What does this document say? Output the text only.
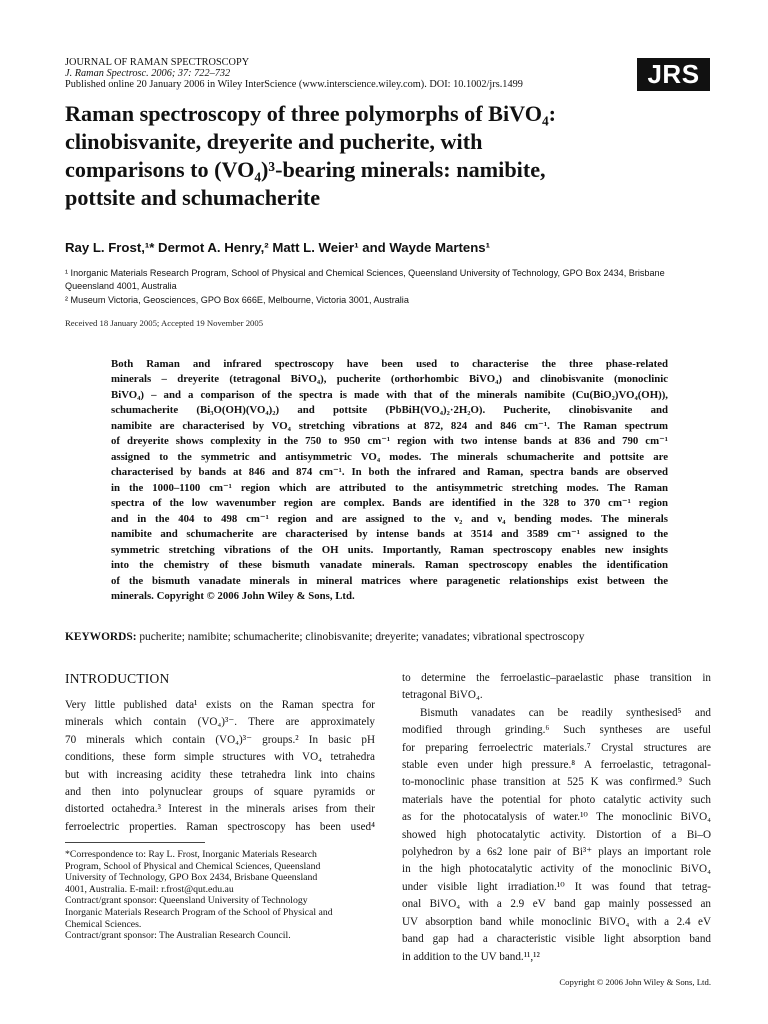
JOURNAL OF RAMAN SPECTROSCOPY
J. Raman Spectrosc. 2006; 37: 722–732
Published online 20 January 2006 in Wiley InterScience (www.interscience.wiley.com). DOI: 10.1002/jrs.1499	JRS
Raman spectroscopy of three polymorphs of BiVO₄:
clinobisvanite, dreyerite and pucherite, with
comparisons to (VO₄)³-bearing minerals: namibite,
pottsite and schumacherite
Ray L. Frost,¹* Dermot A. Henry,² Matt L. Weier¹ and Wayde Martens¹

¹ Inorganic Materials Research Program, School of Physical and Chemical Sciences, Queensland University of Technology, GPO Box 2434, Brisbane Queensland 4001, Australia

² Museum Victoria, Geosciences, GPO Box 666E, Melbourne, Victoria 3001, Australia

Received 18 January 2005; Accepted 19 November 2005
Both Raman and infrared spectroscopy have been used to characterise the three phase-related
minerals – dreyerite (tetragonal BiVO₄), pucherite (orthorhombic BiVO₄) and clinobisvanite (monoclinic
BiVO₄) – and a comparison of the spectra is made with that of the minerals namibite (Cu(BiO₂)VO₄(OH)),
schumacherite (Bi₃O(OH)(VO₄)₂) and pottsite (PbBiH(VO₄)₂·2H₂O). Pucherite, clinobisvanite and
namibite are characterised by VO₄ stretching vibrations at 872, 824 and 846 cm⁻¹. The Raman spectrum
of dreyerite shows complexity in the 750 to 950 cm⁻¹ region with two intense bands at 836 and 790 cm⁻¹
assigned to the symmetric and antisymmetric VO₄ modes. The minerals schumacherite and pottsite are
characterised by bands at 846 and 874 cm⁻¹. In both the infrared and Raman, spectra bands are observed
in the 1000–1100 cm⁻¹ region which are attributed to the antisymmetric stretching modes. The Raman
spectra of the low wavenumber region are complex. Bands are identified in the 328 to 370 cm⁻¹ region
and in the 404 to 498 cm⁻¹ region and are assigned to the ν₂ and ν₄ bending modes. The minerals
namibite and schumacherite are characterised by intense bands at 3514 and 3589 cm⁻¹ assigned to the
symmetric stretching vibrations of the OH units. Importantly, Raman spectroscopy enables new insights
into the chemistry of these bismuth vanadate minerals. Raman spectroscopy enables the identification
of the bismuth vanadate minerals in mineral matrices where paragenetic relationships exist between the
minerals. Copyright © 2006 John Wiley & Sons, Ltd.
KEYWORDS: pucherite; namibite; schumacherite; clinobisvanite; dreyerite; vanadates; vibrational spectroscopy
INTRODUCTION
Very little published data¹ exists on the Raman spectra for
minerals which contain (VO₄)³⁻. There are approximately
70 minerals which contain (VO₄)³⁻ groups.² In basic pH
conditions, these form simple structures with VO₄ tetrahedra
but with increasing acidity these tetrahedra link into chains
and then into polynuclear groups of square pyramids or
distorted octahedra.³ Interest in the minerals arises from their
ferroelectric properties. Raman spectroscopy has been used⁴
to determine the ferroelastic–paraelastic phase transition in
tetragonal BiVO₄.
Bismuth vanadates can be readily synthesised⁵ and
modified through grinding.⁶ Such syntheses are useful
for preparing ferroelectric materials.⁷ Crystal structures are
stable even under high pressure.⁸ A ferroelastic, tetragonal-
to-monoclinic phase transition at 525 K was confirmed.⁹ Such
materials have the potential for photo catalytic activity such
as for the photocatalysis of water.¹⁰ The monoclinic BiVO₄
showed high photocatalytic activity. Distortion of a Bi–O
polyhedron by a 6s2 lone pair of Bi³⁺ plays an important role
in the high photocatalytic activity of the monoclinic BiVO₄
under visible light irradiation.¹⁰ It was found that tetrag-
onal BiVO₄ with a 2.9 eV band gap mainly possessed an
UV absorption band while monoclinic BiVO₄ with a 2.4 eV
band gap had a characteristic visible light absorption band
in addition to the UV band.¹¹,¹²
*Correspondence to: Ray L. Frost, Inorganic Materials Research
Program, School of Physical and Chemical Sciences, Queensland
University of Technology, GPO Box 2434, Brisbane Queensland
4001, Australia. E-mail: r.frost@qut.edu.au
Contract/grant sponsor: Queensland University of Technology
Inorganic Materials Research Program of the School of Physical and
Chemical Sciences.
Contract/grant sponsor: The Australian Research Council.
Copyright © 2006 John Wiley & Sons, Ltd.
